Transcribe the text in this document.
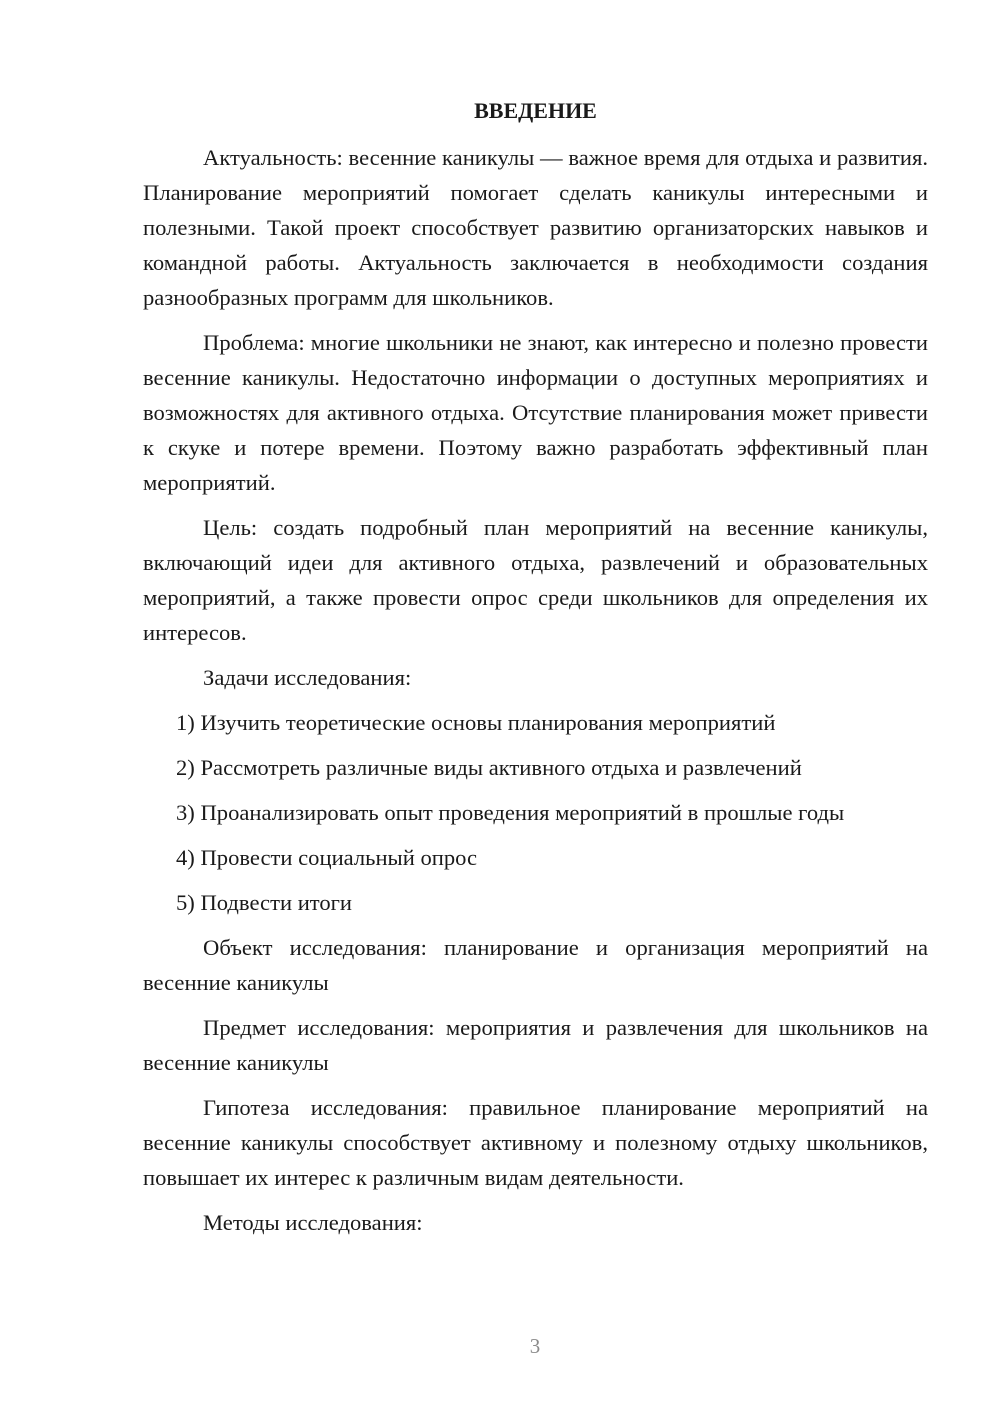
ВВЕДЕНИЕ

Актуальность: весенние каникулы — важное время для отдыха и развития. Планирование мероприятий помогает сделать каникулы интересными и полезными. Такой проект способствует развитию организаторских навыков и командной работы. Актуальность заключается в необходимости создания разнообразных программ для школьников.

Проблема: многие школьники не знают, как интересно и полезно провести весенние каникулы. Недостаточно информации о доступных мероприятиях и возможностях для активного отдыха. Отсутствие планирования может привести к скуке и потере времени. Поэтому важно разработать эффективный план мероприятий.

Цель: создать подробный план мероприятий на весенние каникулы, включающий идеи для активного отдыха, развлечений и образовательных мероприятий, а также провести опрос среди школьников для определения их интересов.

Задачи исследования:

1) Изучить теоретические основы планирования мероприятий
2) Рассмотреть различные виды активного отдыха и развлечений
3) Проанализировать опыт проведения мероприятий в прошлые годы
4) Провести социальный опрос
5) Подвести итоги

Объект исследования: планирование и организация мероприятий на весенние каникулы

Предмет исследования: мероприятия и развлечения для школьников на весенние каникулы

Гипотеза исследования: правильное планирование мероприятий на весенние каникулы способствует активному и полезному отдыху школьников, повышает их интерес к различным видам деятельности.

Методы исследования:

3
